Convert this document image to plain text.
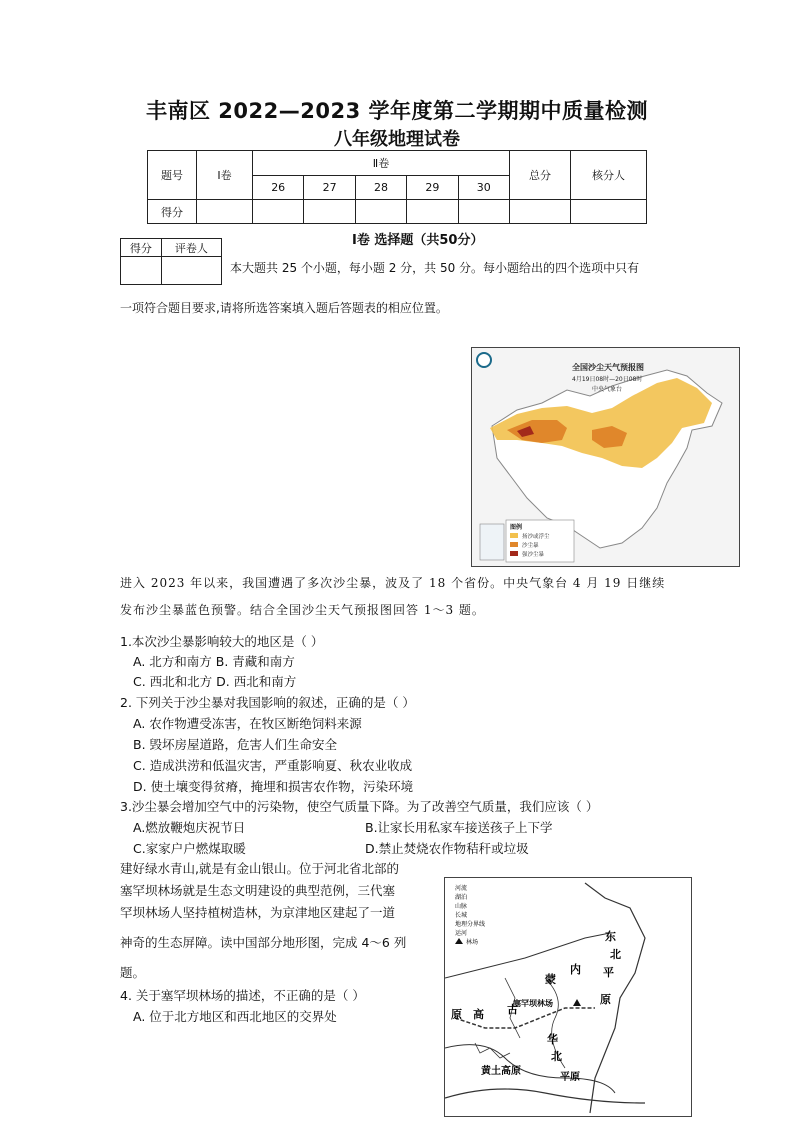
丰南区 2022—2023 学年度第二学期期中质量检测
八年级地理试卷
题号	Ⅰ卷	Ⅱ卷					总分	核分人
		26	27	28	29	30		
得分								
Ⅰ卷 选择题（共50分）
得分	评卷人

本大题共 25 个小题，每小题 2 分，共 50 分。每小题给出的四个选项中只有
一项符合题目要求,请将所选答案填入题后答题表的相应位置。
全国沙尘天气预报图
4月19日08时—20日08时
中央气象台
图例
扬沙或浮尘
沙尘暴
强沙尘暴
进入 2023 年以来，我国遭遇了多次沙尘暴，波及了 18 个省份。中央气象台 4 月 19 日继续
发布沙尘暴蓝色预警。结合全国沙尘天气预报图回答 1～3 题。
1.本次沙尘暴影响较大的地区是（ ）
A. 北方和南方 B. 青藏和南方
C. 西北和北方 D. 西北和南方
2. 下列关于沙尘暴对我国影响的叙述，正确的是（ ）
A. 农作物遭受冻害，在牧区断绝饲料来源
B. 毁坏房屋道路，危害人们生命安全
C. 造成洪涝和低温灾害，严重影响夏、秋农业收成
D. 使土壤变得贫瘠，掩埋和损害农作物，污染环境
3.沙尘暴会增加空气中的污染物，使空气质量下降。为了改善空气质量，我们应该（ ）
A.燃放鞭炮庆祝节日	B.让家长用私家车接送孩子上下学
C.家家户户燃煤取暖	D.禁止焚烧农作物秸秆或垃圾
建好绿水青山,就是有金山银山。位于河北省北部的
塞罕坝林场就是生态文明建设的典型范例，三代塞
罕坝林场人坚持植树造林，为京津地区建起了一道
神奇的生态屏障。读中国部分地形图，完成 4～6 列
题。
4. 关于塞罕坝林场的描述，不正确的是（ ）
A. 位于北方地区和西北地区的交界处
河流
湖泊
山脉
长城
地理分界线
运河
林场	东
北
平
原
蒙
内
古
塞罕坝林场
原 高
华
北
黄土高原
平原
